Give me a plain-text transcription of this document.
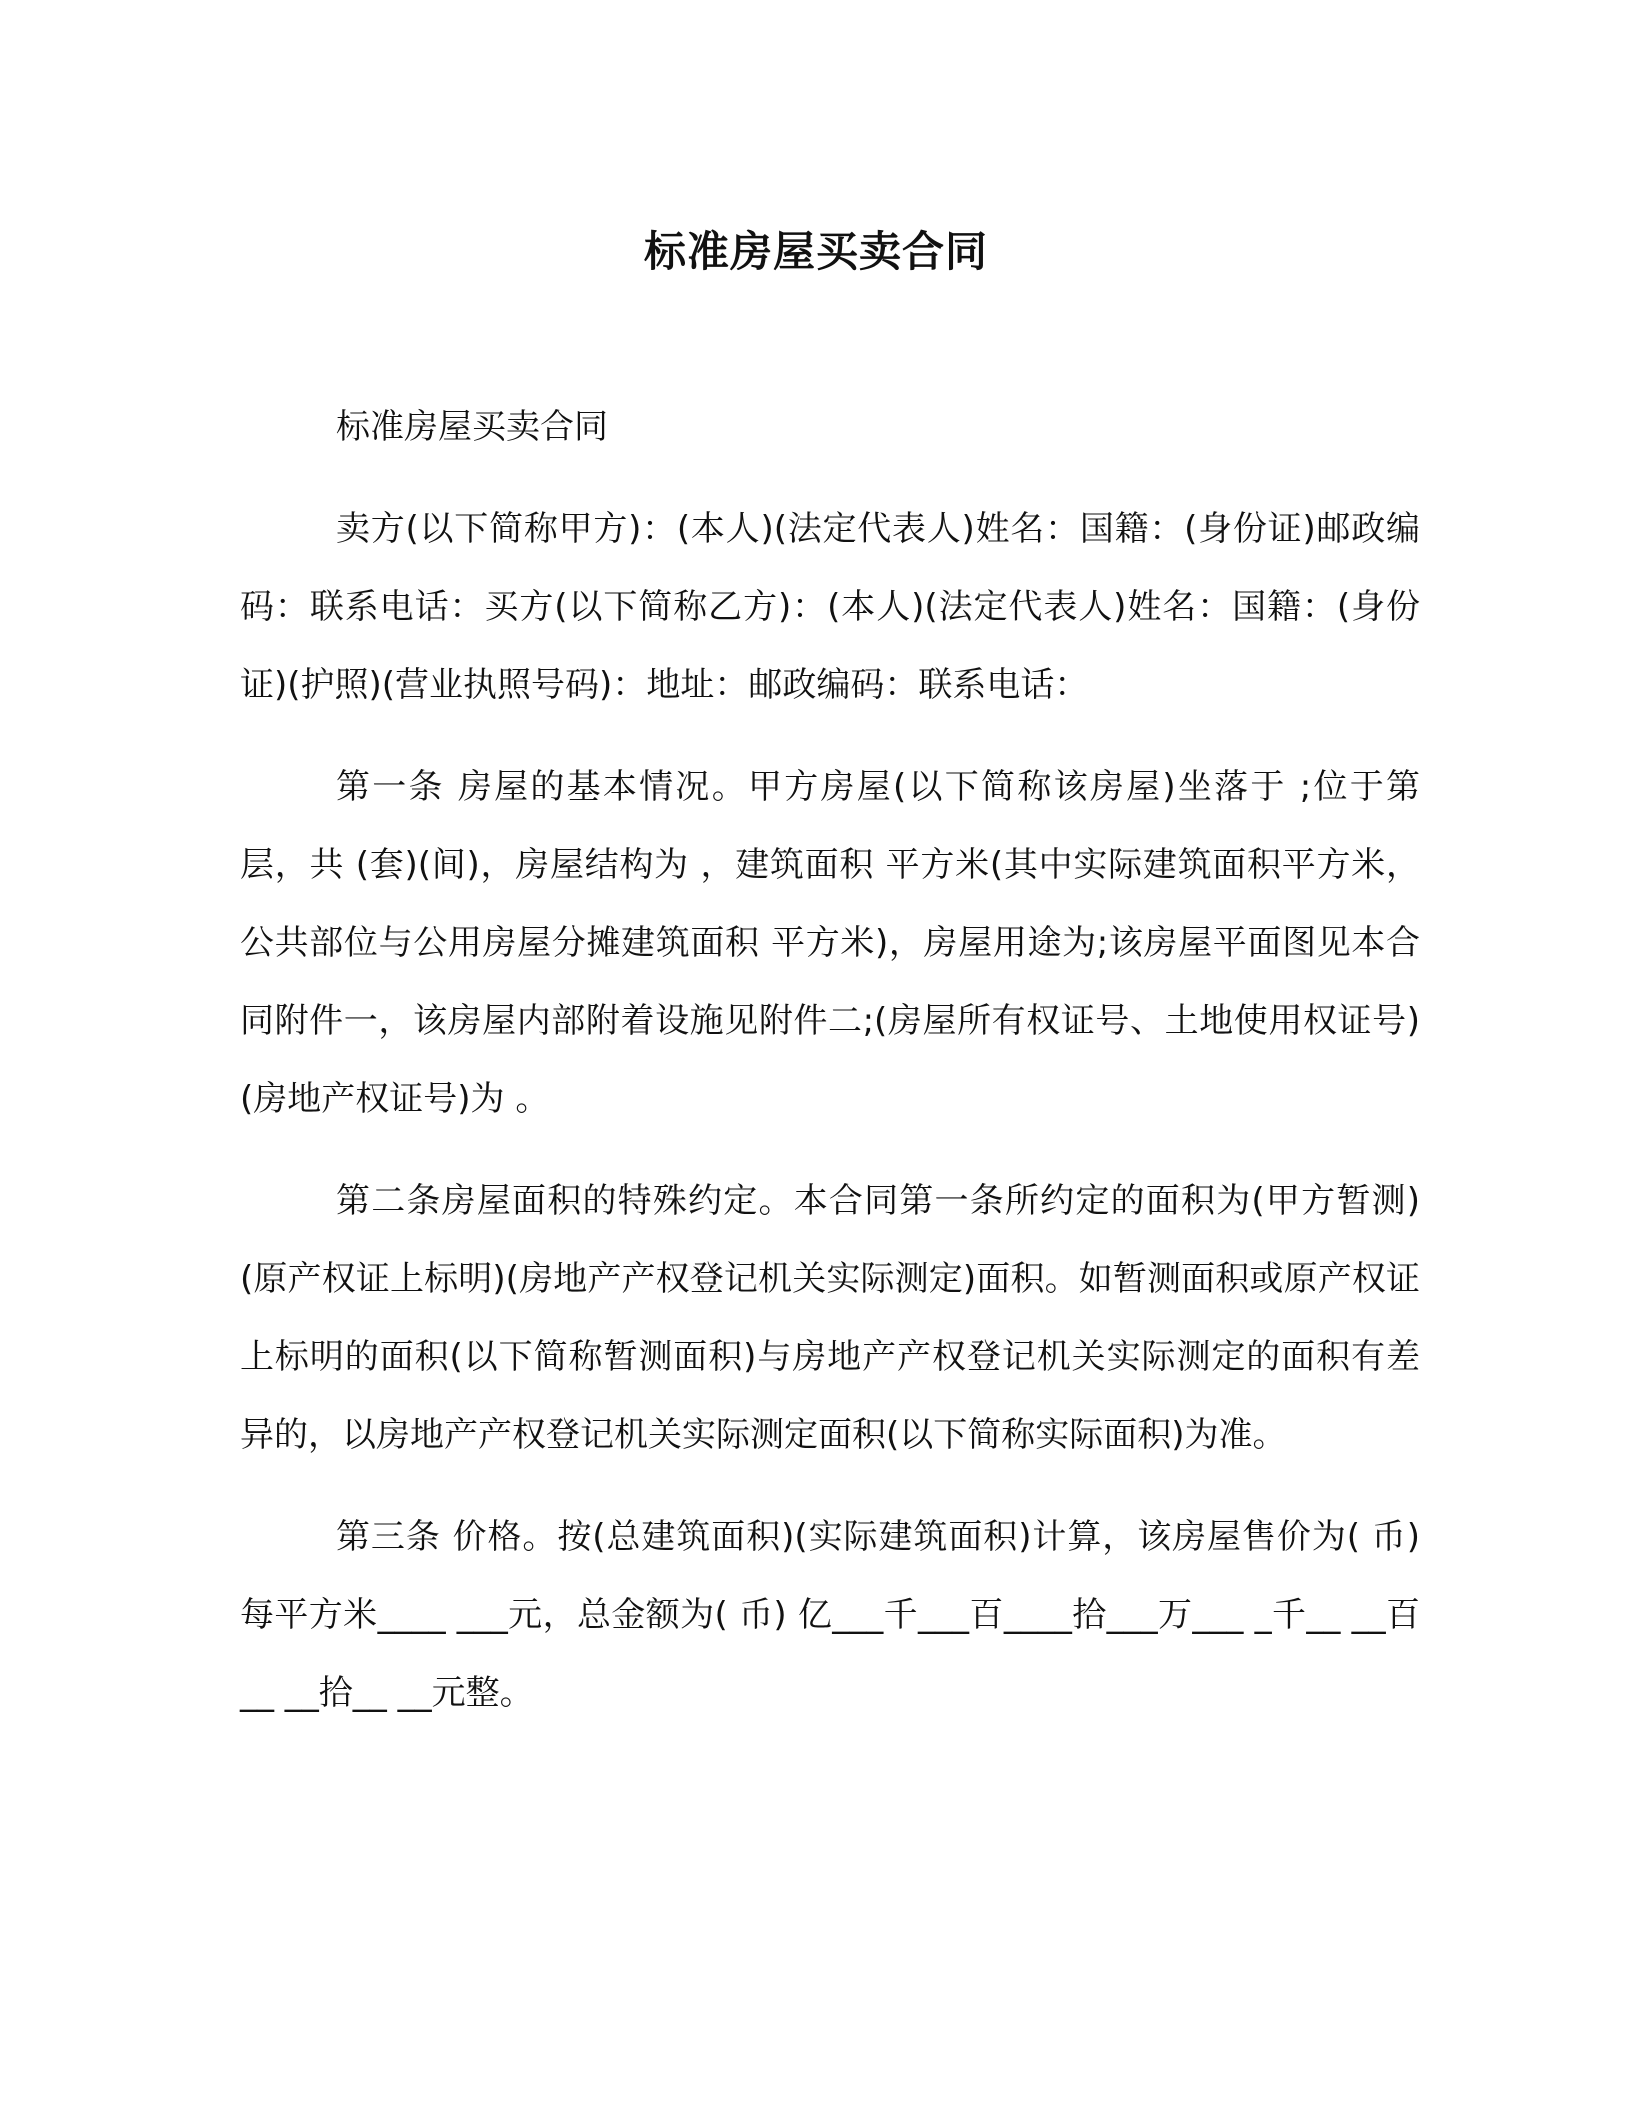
标准房屋买卖合同

标准房屋买卖合同

卖方(以下简称甲方)：(本人)(法定代表人)姓名：国籍：(身份证)邮政编码：联系电话：买方(以下简称乙方)：(本人)(法定代表人)姓名：国籍：(身份证)(护照)(营业执照号码)：地址：邮政编码：联系电话：

第一条 房屋的基本情况。甲方房屋(以下简称该房屋)坐落于 ;位于第 层，共 (套)(间)，房屋结构为 ，建筑面积 平方米(其中实际建筑面积平方米，公共部位与公用房屋分摊建筑面积 平方米)，房屋用途为;该房屋平面图见本合同附件一，该房屋内部附着设施见附件二;(房屋所有权证号、土地使用权证号)(房地产权证号)为 。

第二条房屋面积的特殊约定。本合同第一条所约定的面积为(甲方暂测)(原产权证上标明)(房地产产权登记机关实际测定)面积。如暂测面积或原产权证上标明的面积(以下简称暂测面积)与房地产产权登记机关实际测定的面积有差异的，以房地产产权登记机关实际测定面积(以下简称实际面积)为准。

第三条 价格。按(总建筑面积)(实际建筑面积)计算，该房屋售价为( 币)每平方米____ ___元，总金额为( 币) 亿___千___百____拾___万___ _千__ __百__ __拾__ __元整。
